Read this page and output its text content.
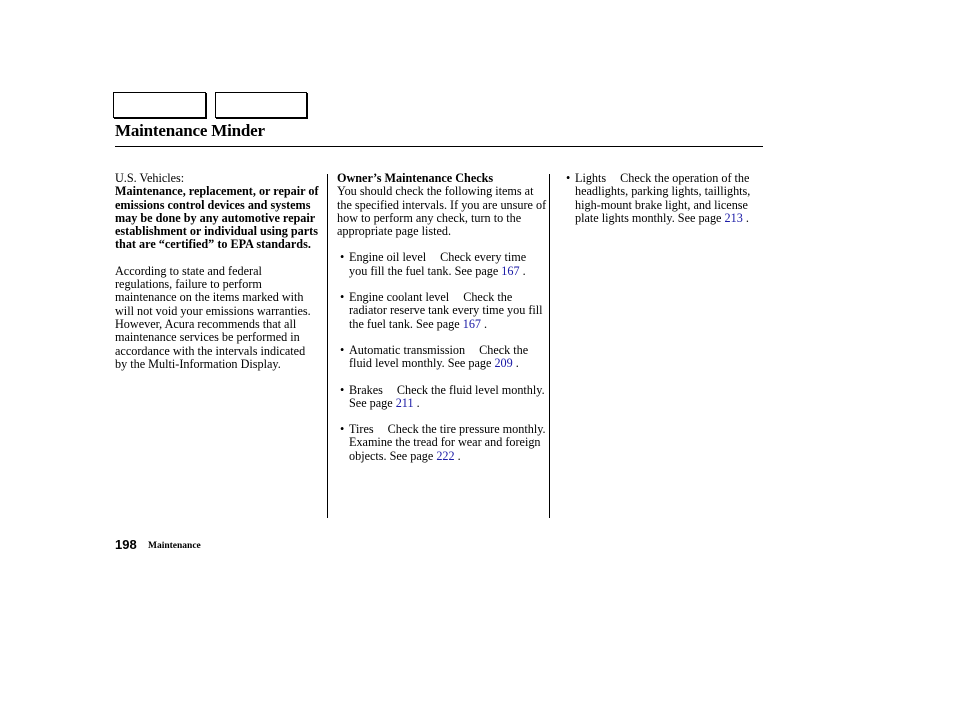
Maintenance Minder

U.S. Vehicles:

Maintenance, replacement, or repair of emissions control devices and systems may be done by any automotive repair establishment or individual using parts that are “certified” to EPA standards.

According to state and federal regulations, failure to perform maintenance on the items marked withwill not void your emissions warranties. However, Acura recommends that all maintenance services be performed in accordance with the intervals indicated by the Multi-Information Display.

Owner’s Maintenance Checks

You should check the following items at the specified intervals. If you are unsure of how to perform any check, turn to the appropriate page listed.

• Engine oil level Check every time you fill the fuel tank. See page 167 .
• Engine coolant level Check the radiator reserve tank every time you fill the fuel tank. See page 167 .
• Automatic transmission Check the fluid level monthly. See page 209 .
• Brakes Check the fluid level monthly. See page 211 .
• Tires Check the tire pressure monthly. Examine the tread for wear and foreign objects. See page 222 .
• Lights Check the operation of the headlights, parking lights, taillights, high-mount brake light, and license plate lights monthly. See page 213 .
198 Maintenance
